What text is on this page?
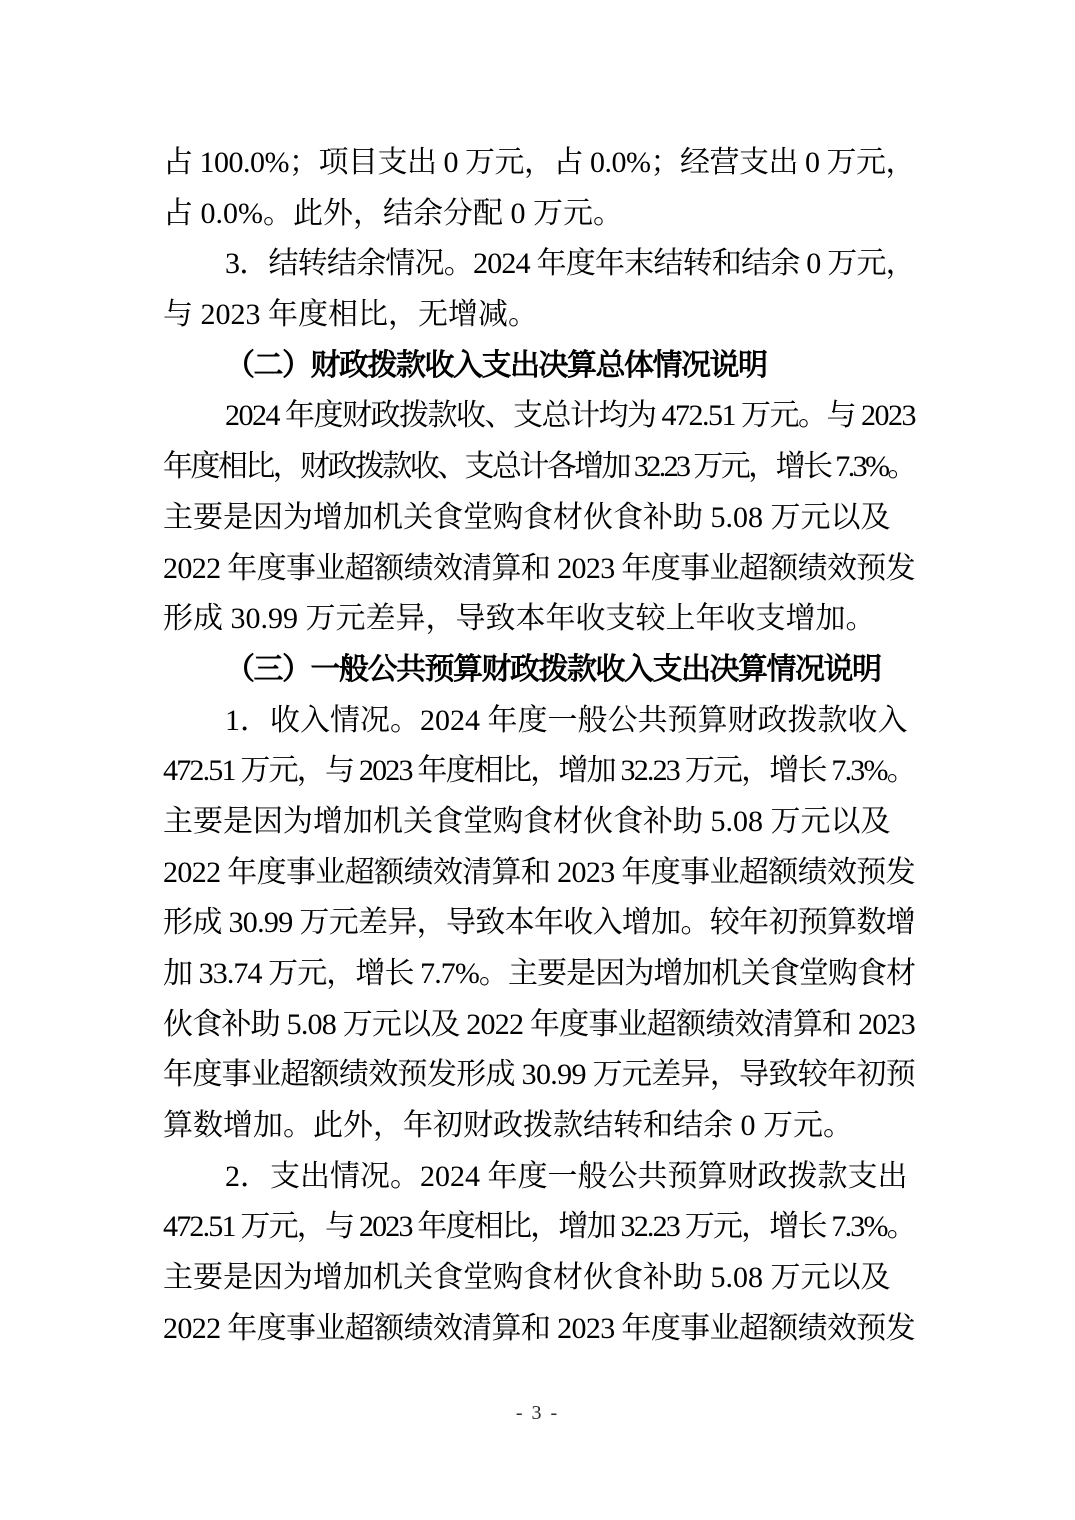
占 100.0%；项目支出 0 万元，占 0.0%；经营支出 0 万元，
占 0.0%。此外，结余分配 0 万元。
3．结转结余情况。2024 年度年末结转和结余 0 万元，
与 2023 年度相比，无增减。
（二）财政拨款收入支出决算总体情况说明
2024 年度财政拨款收、支总计均为 472.51 万元。与 2023
年度相比，财政拨款收、支总计各增加 32.23 万元，增长 7.3%。
主要是因为增加机关食堂购食材伙食补助 5.08 万元以及
2022 年度事业超额绩效清算和 2023 年度事业超额绩效预发
形成 30.99 万元差异，导致本年收支较上年收支增加。
（三）一般公共预算财政拨款收入支出决算情况说明
1．收入情况。2024 年度一般公共预算财政拨款收入
472.51 万元，与 2023 年度相比，增加 32.23 万元，增长 7.3%。
主要是因为增加机关食堂购食材伙食补助 5.08 万元以及
2022 年度事业超额绩效清算和 2023 年度事业超额绩效预发
形成 30.99 万元差异，导致本年收入增加。较年初预算数增
加 33.74 万元，增长 7.7%。主要是因为增加机关食堂购食材
伙食补助 5.08 万元以及 2022 年度事业超额绩效清算和 2023
年度事业超额绩效预发形成 30.99 万元差异，导致较年初预
算数增加。此外，年初财政拨款结转和结余 0 万元。
2．支出情况。2024 年度一般公共预算财政拨款支出
472.51 万元，与 2023 年度相比，增加 32.23 万元，增长 7.3%。
主要是因为增加机关食堂购食材伙食补助 5.08 万元以及
2022 年度事业超额绩效清算和 2023 年度事业超额绩效预发
- 3 -
